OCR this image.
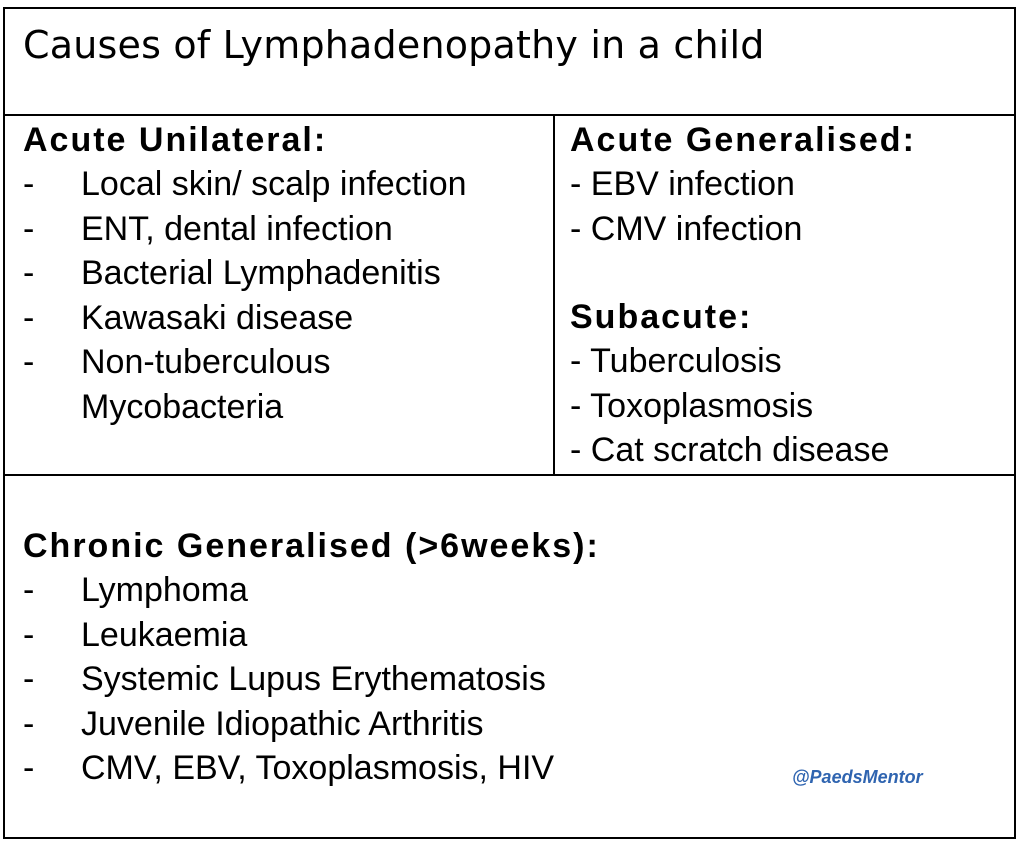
Causes of Lymphadenopathy in a child
Acute Unilateral:
- Local skin/ scalp infection
- ENT, dental infection
- Bacterial Lymphadenitis
- Kawasaki disease
- Non-tuberculous
Mycobacteria
Acute Generalised:
- EBV infection
- CMV infection
Subacute:
- Tuberculosis
- Toxoplasmosis
- Cat scratch disease
Chronic Generalised (>6weeks):
- Lymphoma
- Leukaemia
- Systemic Lupus Erythematosis
- Juvenile Idiopathic Arthritis
- CMV, EBV, Toxoplasmosis, HIV	@PaedsMentor
